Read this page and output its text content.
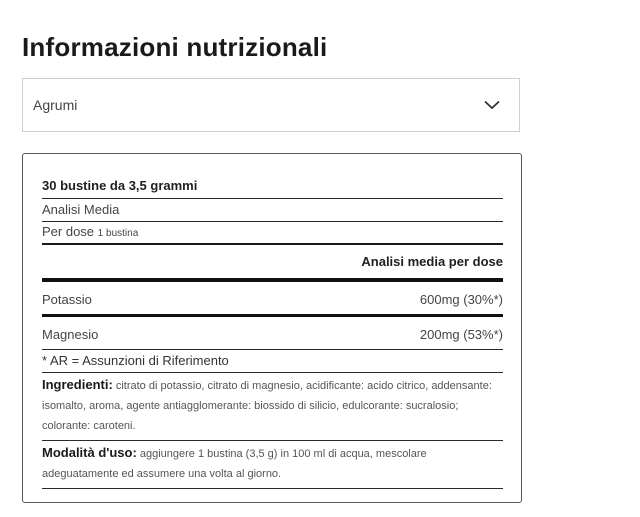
Informazioni nutrizionali
Agrumi
30 bustine da 3,5 grammi
Analisi Media
Per dose 1 bustina
Analisi media per dose
Potassio	600mg (30%*)
Magnesio	200mg (53%*)
* AR = Assunzioni di Riferimento
Ingredienti: citrato di potassio, citrato di magnesio, acidificante: acido citrico, addensante: isomalto, aroma, agente antiagglomerante: biossido di silicio, edulcorante: sucralosio; colorante: caroteni.
Modalità d'uso: aggiungere 1 bustina (3,5 g) in 100 ml di acqua, mescolare adeguatamente ed assumere una volta al giorno.
